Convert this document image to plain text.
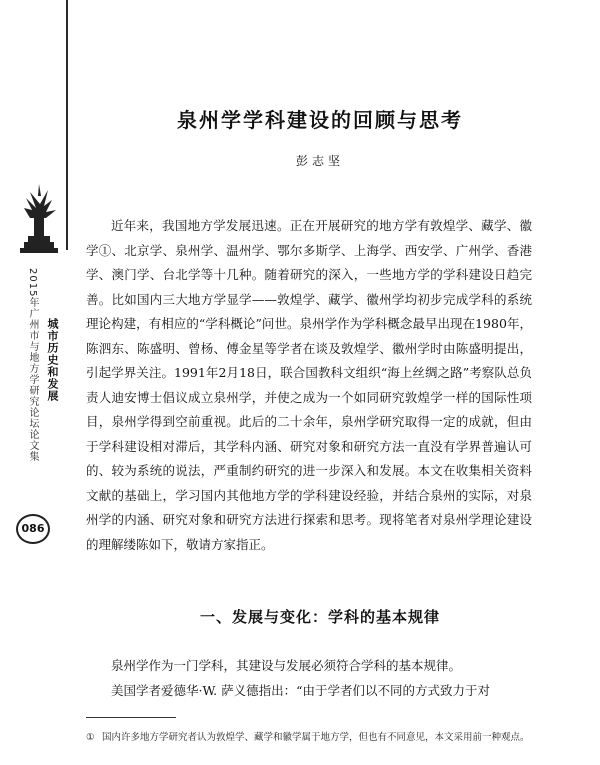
2015年广州市与地方学研究论坛论文集 城市历史和发展
086
泉州学学科建设的回顾与思考
彭志坚

近年来，我国地方学发展迅速。正在开展研究的地方学有敦煌学、藏学、徽学①、北京学、泉州学、温州学、鄂尔多斯学、上海学、西安学、广州学、香港学、澳门学、台北学等十几种。随着研究的深入，一些地方学的学科建设日趋完善。比如国内三大地方学显学——敦煌学、藏学、徽州学均初步完成学科的系统理论构建，有相应的“学科概论”问世。泉州学作为学科概念最早出现在1980年，陈泗东、陈盛明、曾杨、傅金星等学者在谈及敦煌学、徽州学时由陈盛明提出，引起学界关注。1991年2月18日，联合国教科文组织“海上丝绸之路”考察队总负责人迪安博士倡议成立泉州学，并使之成为一个如同研究敦煌学一样的国际性项目，泉州学得到空前重视。此后的二十余年，泉州学研究取得一定的成就，但由于学科建设相对滞后，其学科内涵、研究对象和研究方法一直没有学界普遍认可的、较为系统的说法，严重制约研究的进一步深入和发展。本文在收集相关资料文献的基础上，学习国内其他地方学的学科建设经验，并结合泉州的实际，对泉州学的内涵、研究对象和研究方法进行探索和思考。现将笔者对泉州学理论建设的理解缕陈如下，敬请方家指正。

一、发展与变化：学科的基本规律

泉州学作为一门学科，其建设与发展必须符合学科的基本规律。

美国学者爱德华·W. 萨义德指出：“由于学者们以不同的方式致力于对

① 国内许多地方学研究者认为敦煌学、藏学和徽学属于地方学，但也有不同意见，本文采用前一种观点。
